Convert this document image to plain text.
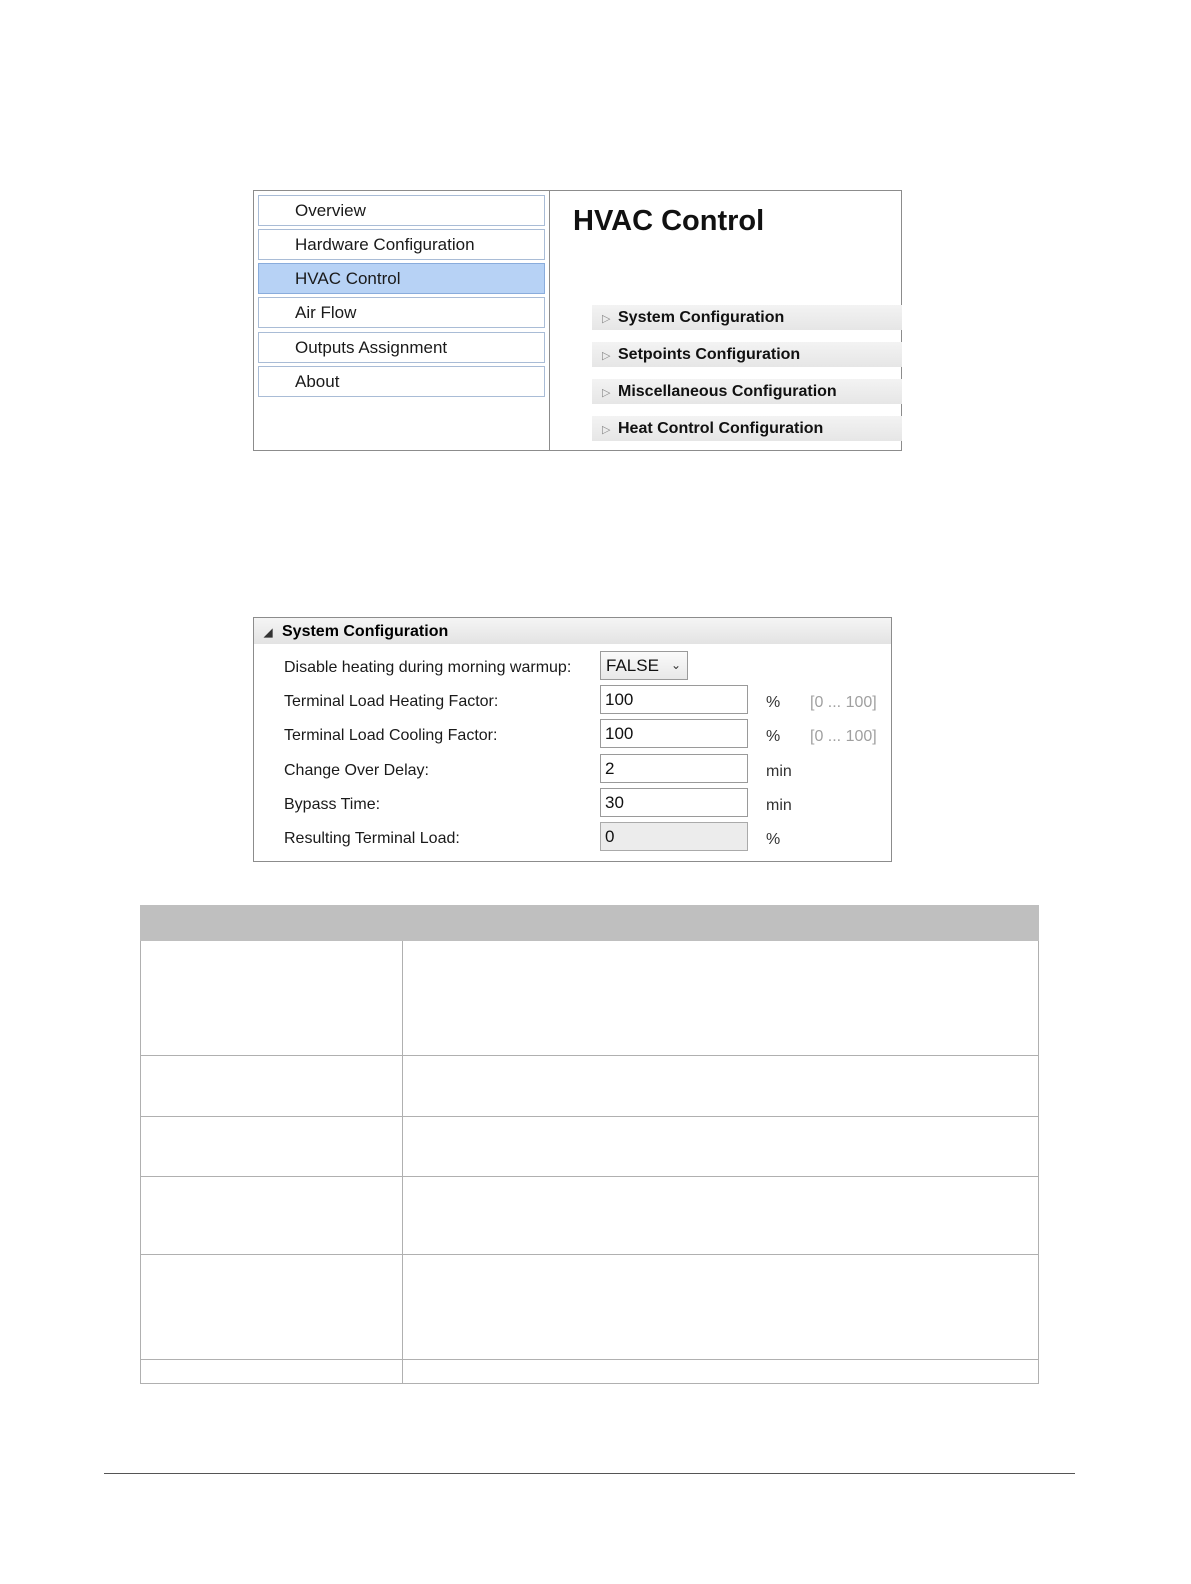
Overview
Hardware Configuration
HVAC Control
Air Flow
Outputs Assignment
About
HVAC Control
▷ System Configuration
▷ Setpoints Configuration
▷ Miscellaneous Configuration
▷ Heat Control Configuration
◢ System Configuration
Disable heating during morning warmup:	FALSE ⌄
Terminal Load Heating Factor:	100	% [0 ... 100]
Terminal Load Cooling Factor:	100	% [0 ... 100]
Change Over Delay:	2	min
Bypass Time:	30	min
Resulting Terminal Load:	0	%
